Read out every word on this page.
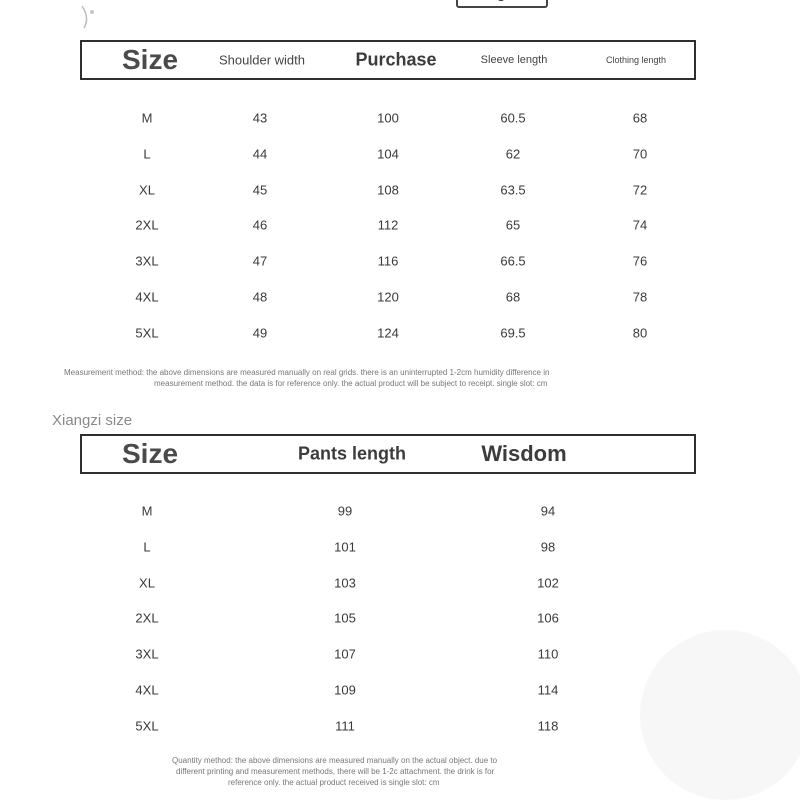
Size	Shoulder width	Purchase	Sleeve length	Clothing length
M	43	100	60.5	68
L	44	104	62	70
XL	45	108	63.5	72
2XL	46	112	65	74
3XL	47	116	66.5	76
4XL	48	120	68	78
5XL	49	124	69.5	80
Measurement method: the above dimensions are measured manually on real grids. there is an uninterrupted 1-2cm humidity difference in
measurement method. the data is for reference only. the actual product will be subject to receipt. single slot: cm
Xiangzi size
Size	Pants length	Wisdom
M	99	94
L	101	98
XL	103	102
2XL	105	106
3XL	107	110
4XL	109	114
5XL	111	118
Quantity method: the above dimensions are measured manually on the actual object. due to
different printing and measurement methods, there will be 1-2c attachment. the drink is for
reference only. the actual product received is single slot: cm
